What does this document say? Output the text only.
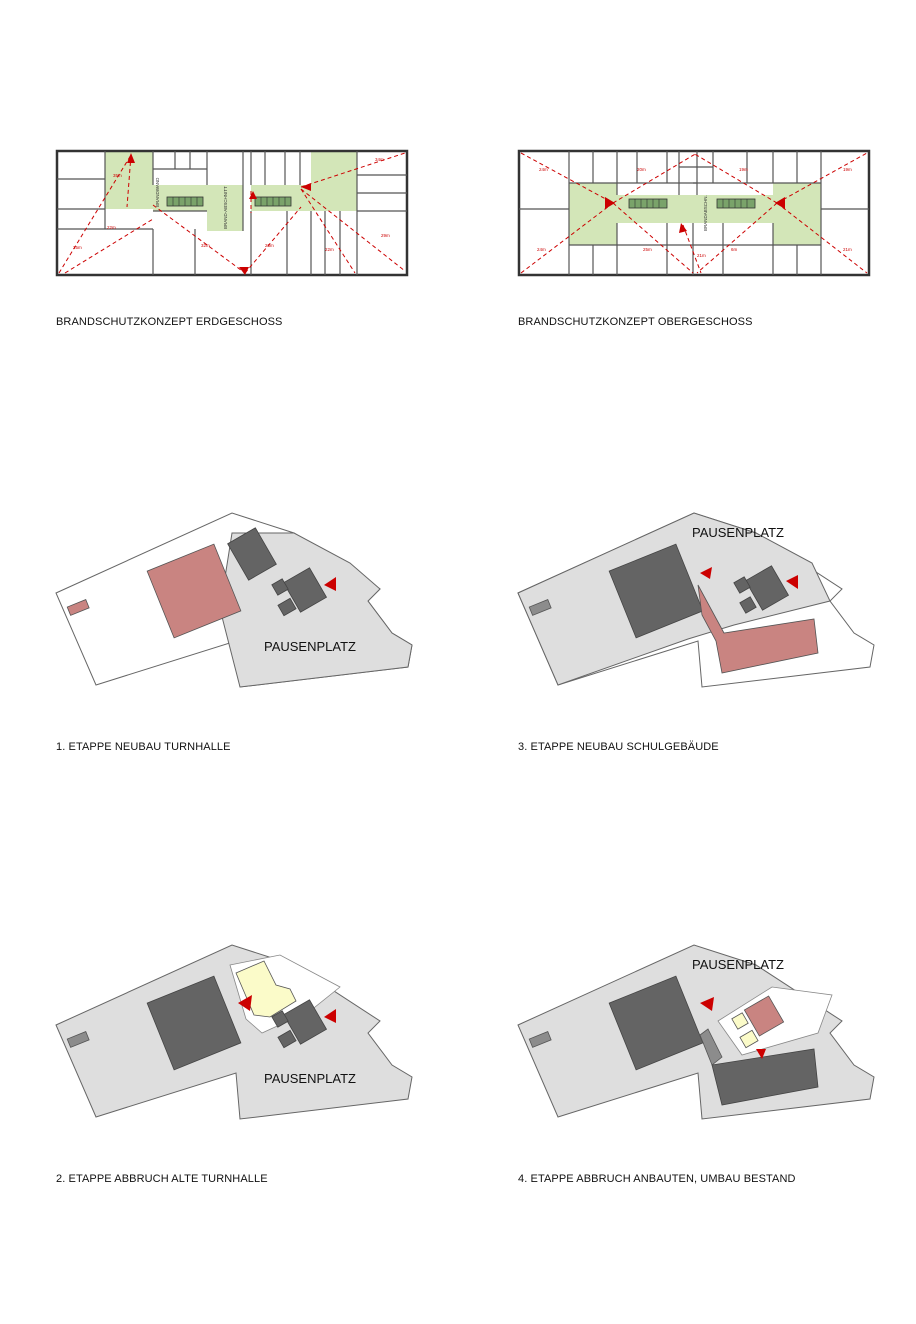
25m
22m
35m
34m
32m	23m
22m
29m
BRANDWAND	BRAND-ABSCHNITT
BRANDSCHUTZKONZEPT ERDGESCHOSS
24m	20m	19m	19m
24m	25m
21m
6m	21m
BRANDABSCHN.
BRANDSCHUTZKONZEPT OBERGESCHOSS
PAUSENPLATZ
1. ETAPPE NEUBAU TURNHALLE
PAUSENPLATZ
3. ETAPPE NEUBAU SCHULGEBÄUDE
PAUSENPLATZ
2. ETAPPE ABBRUCH ALTE TURNHALLE
PAUSENPLATZ
4. ETAPPE ABBRUCH ANBAUTEN, UMBAU BESTAND
